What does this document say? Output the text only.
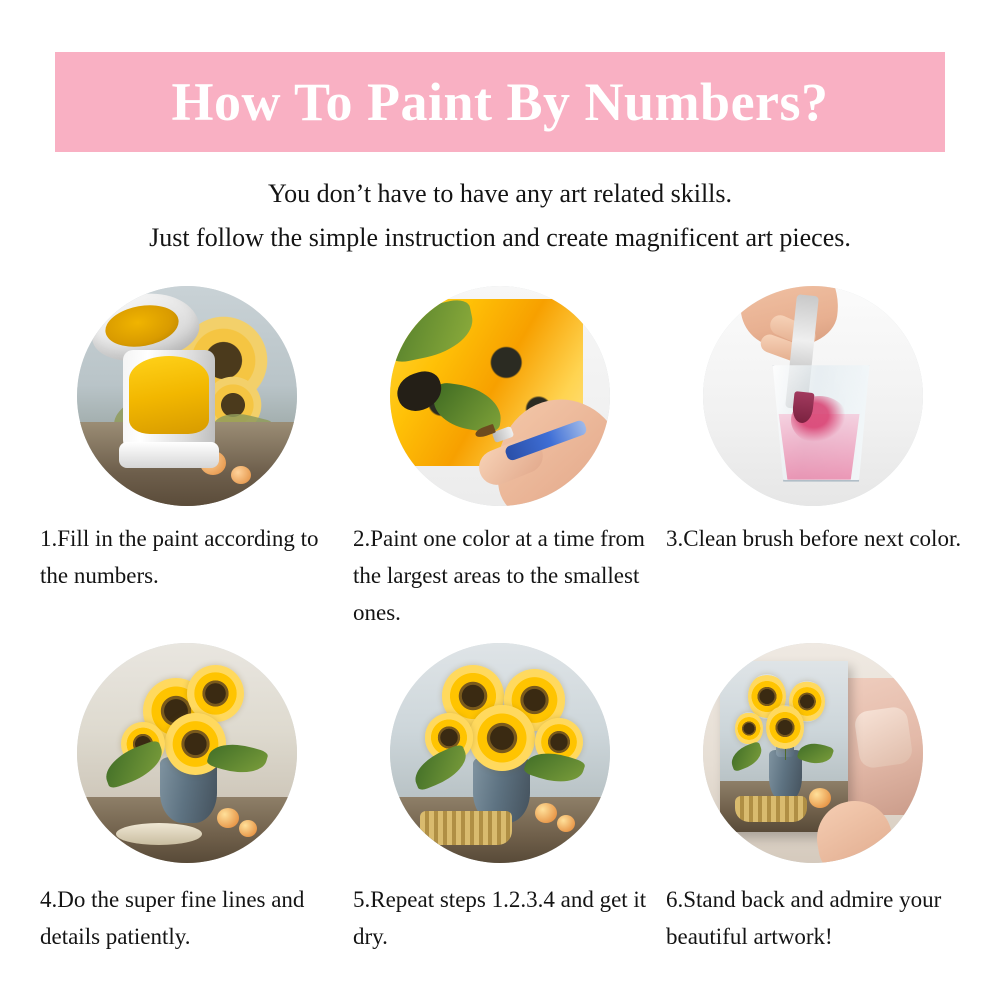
How To Paint By Numbers?
You don’t have to have any art related skills.
Just follow the simple instruction and create magnificent art pieces.
1.Fill in the paint according to the numbers.
2.Paint one color at a time from the largest areas to the smallest ones.
3.Clean brush before next color.
4.Do the super fine lines and details patiently.
5.Repeat steps 1.2.3.4 and get it dry.
6.Stand back and admire your beautiful artwork!
